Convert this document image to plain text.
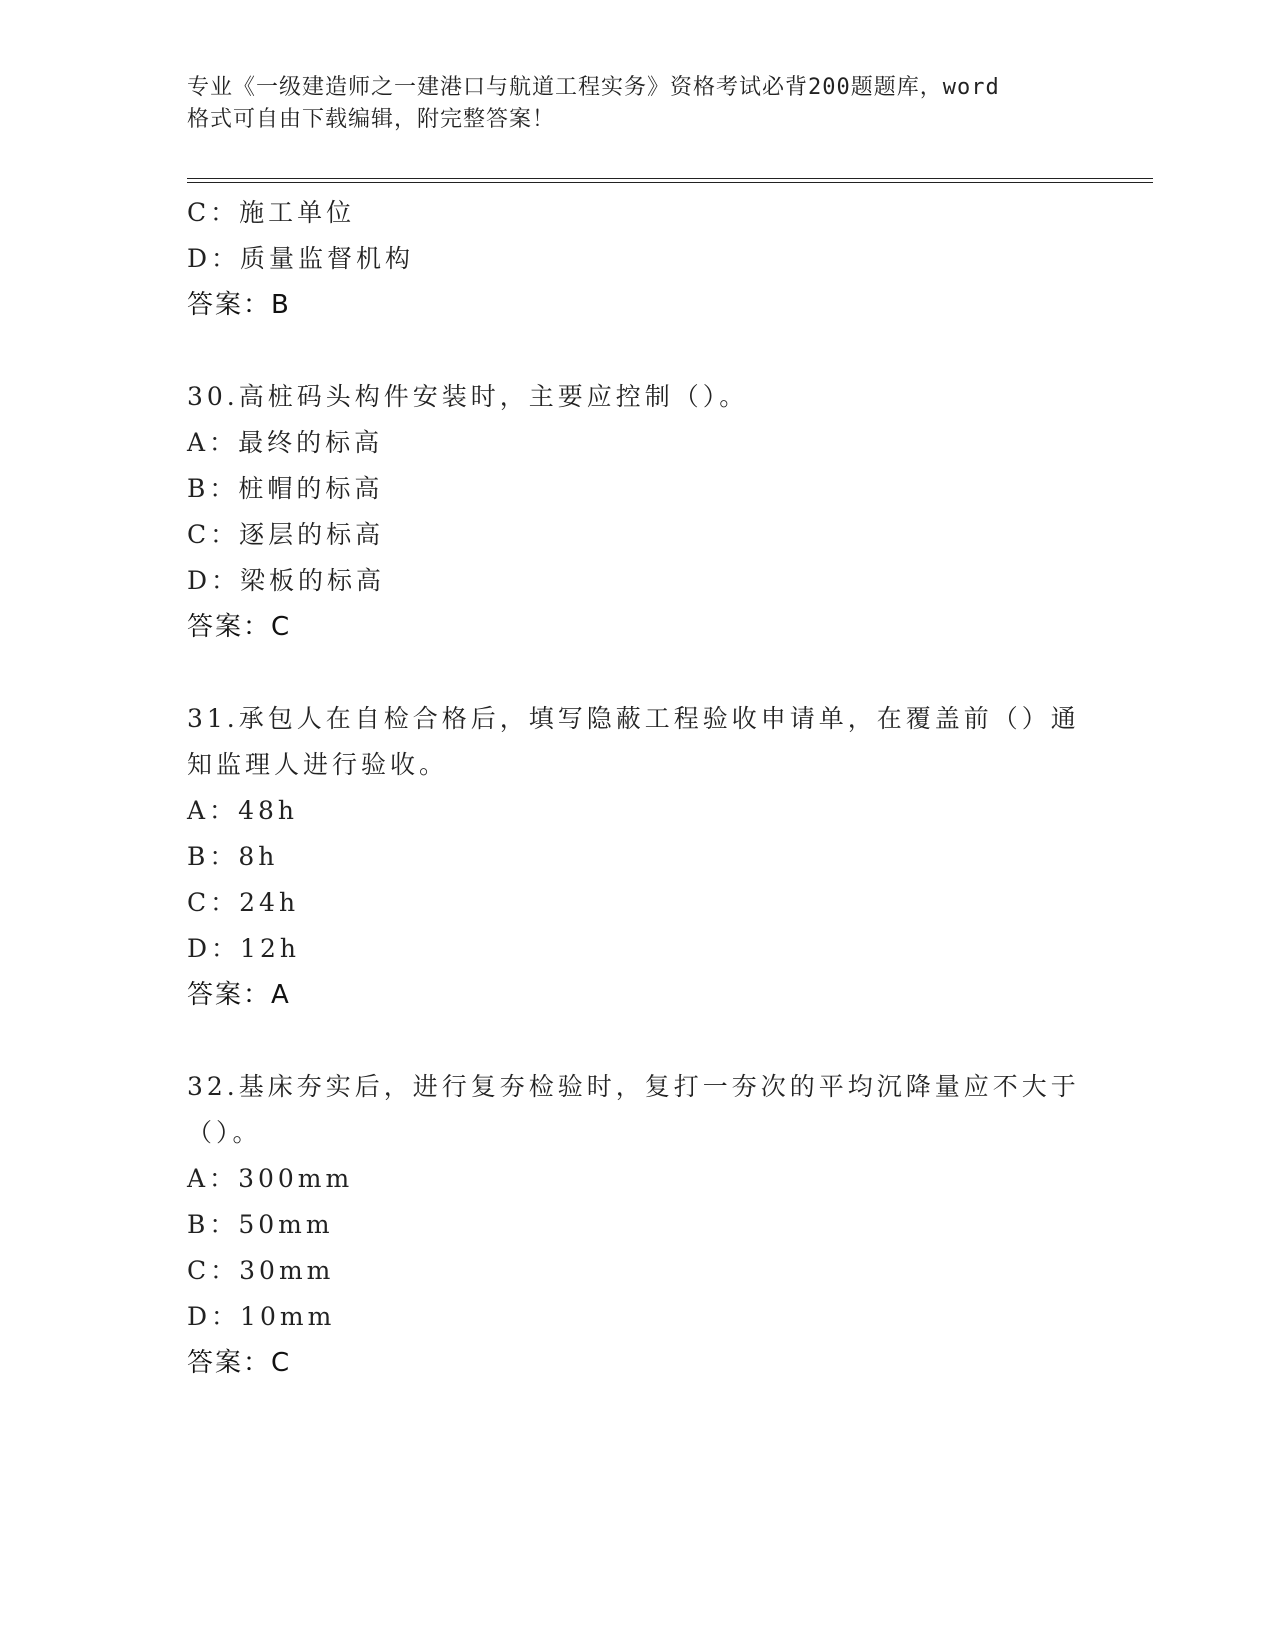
专业《一级建造师之一建港口与航道工程实务》资格考试必背200题题库，word
格式可自由下载编辑，附完整答案！
C：施工单位
D：质量监督机构
答案：B
30.高桩码头构件安装时，主要应控制（）。
A：最终的标高
B：桩帽的标高
C：逐层的标高
D：梁板的标高
答案：C
31.承包人在自检合格后，填写隐蔽工程验收申请单，在覆盖前（）通
知监理人进行验收。
A：48h
B：8h
C：24h
D：12h
答案：A
32.基床夯实后，进行复夯检验时，复打一夯次的平均沉降量应不大于
（）。
A：300mm
B：50mm
C：30mm
D：10mm
答案：C
